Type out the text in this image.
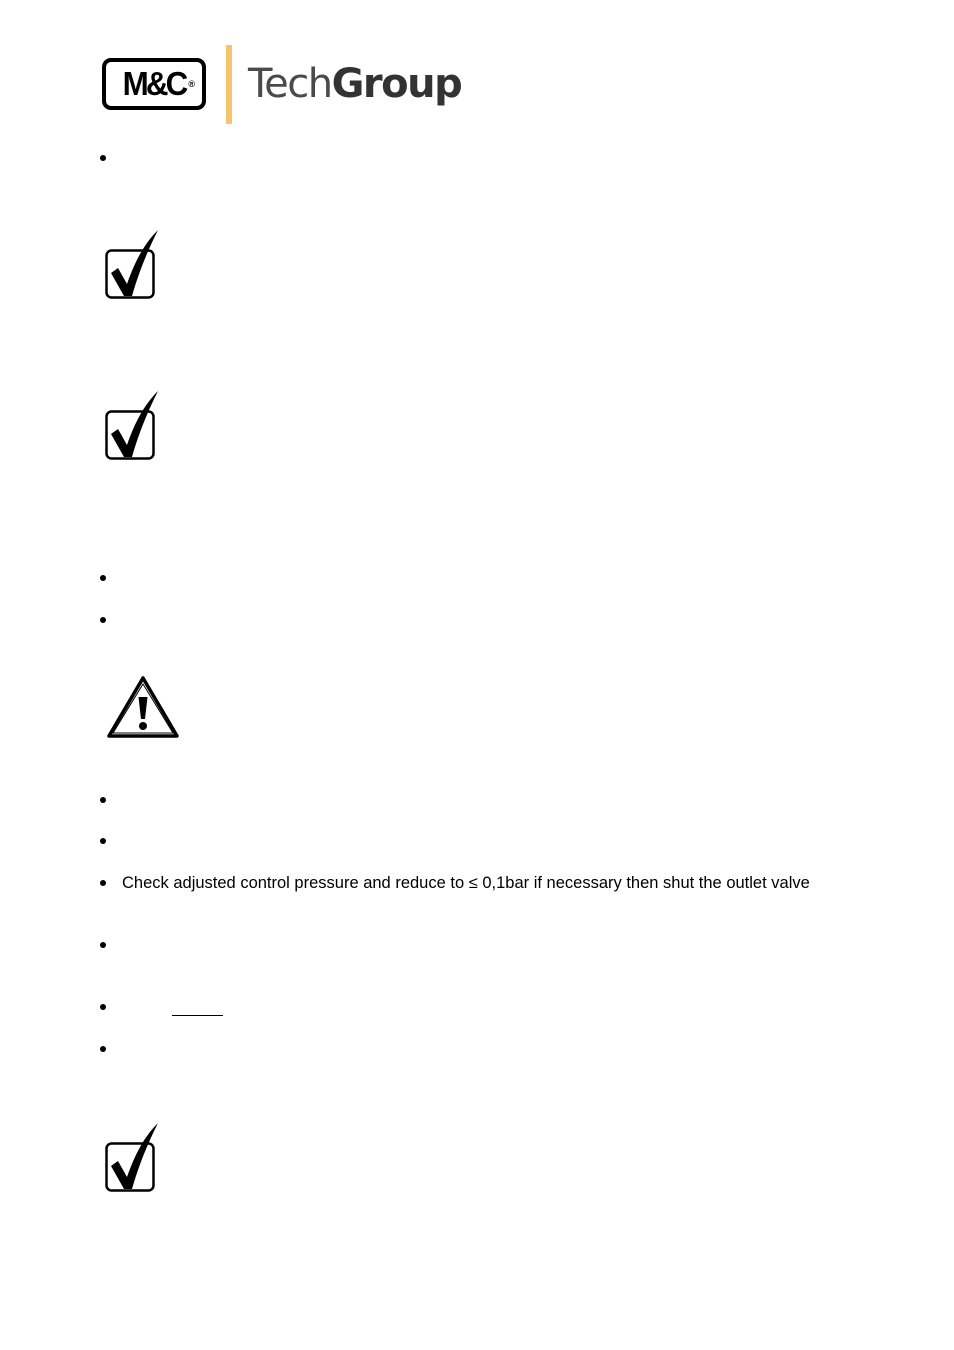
M&C ® TechGroup
Check adjusted control pressure and reduce to ≤ 0,1bar if necessary then shut the outlet valve
